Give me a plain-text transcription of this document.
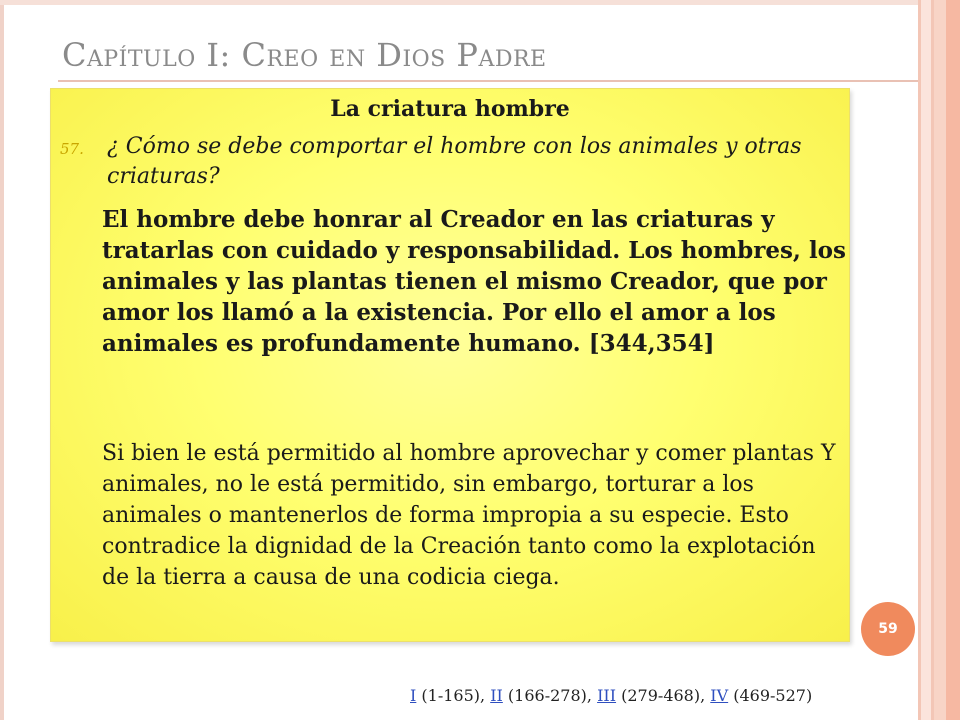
Capítulo I: Creo en Dios Padre
La criatura hombre
57. ¿ Cómo se debe comportar el hombre con los animales y otras criaturas?
El hombre debe honrar al Creador en las criaturas y tratarlas con cuidado y responsabilidad. Los hombres, los animales y las plantas tienen el mismo Creador, que por amor los llamó a la existencia. Por ello el amor a los animales es profundamente humano. [344,354]
Si bien le está permitido al hombre aprovechar y comer plantas Y animales, no le está permitido, sin embargo, torturar a los animales o mantenerlos de forma impropia a su especie. Esto contradice la dignidad de la Creación tanto como la explotación de la tierra a causa de una codicia ciega.
59
I (1-165), II (166-278), III (279-468), IV (469-527)
